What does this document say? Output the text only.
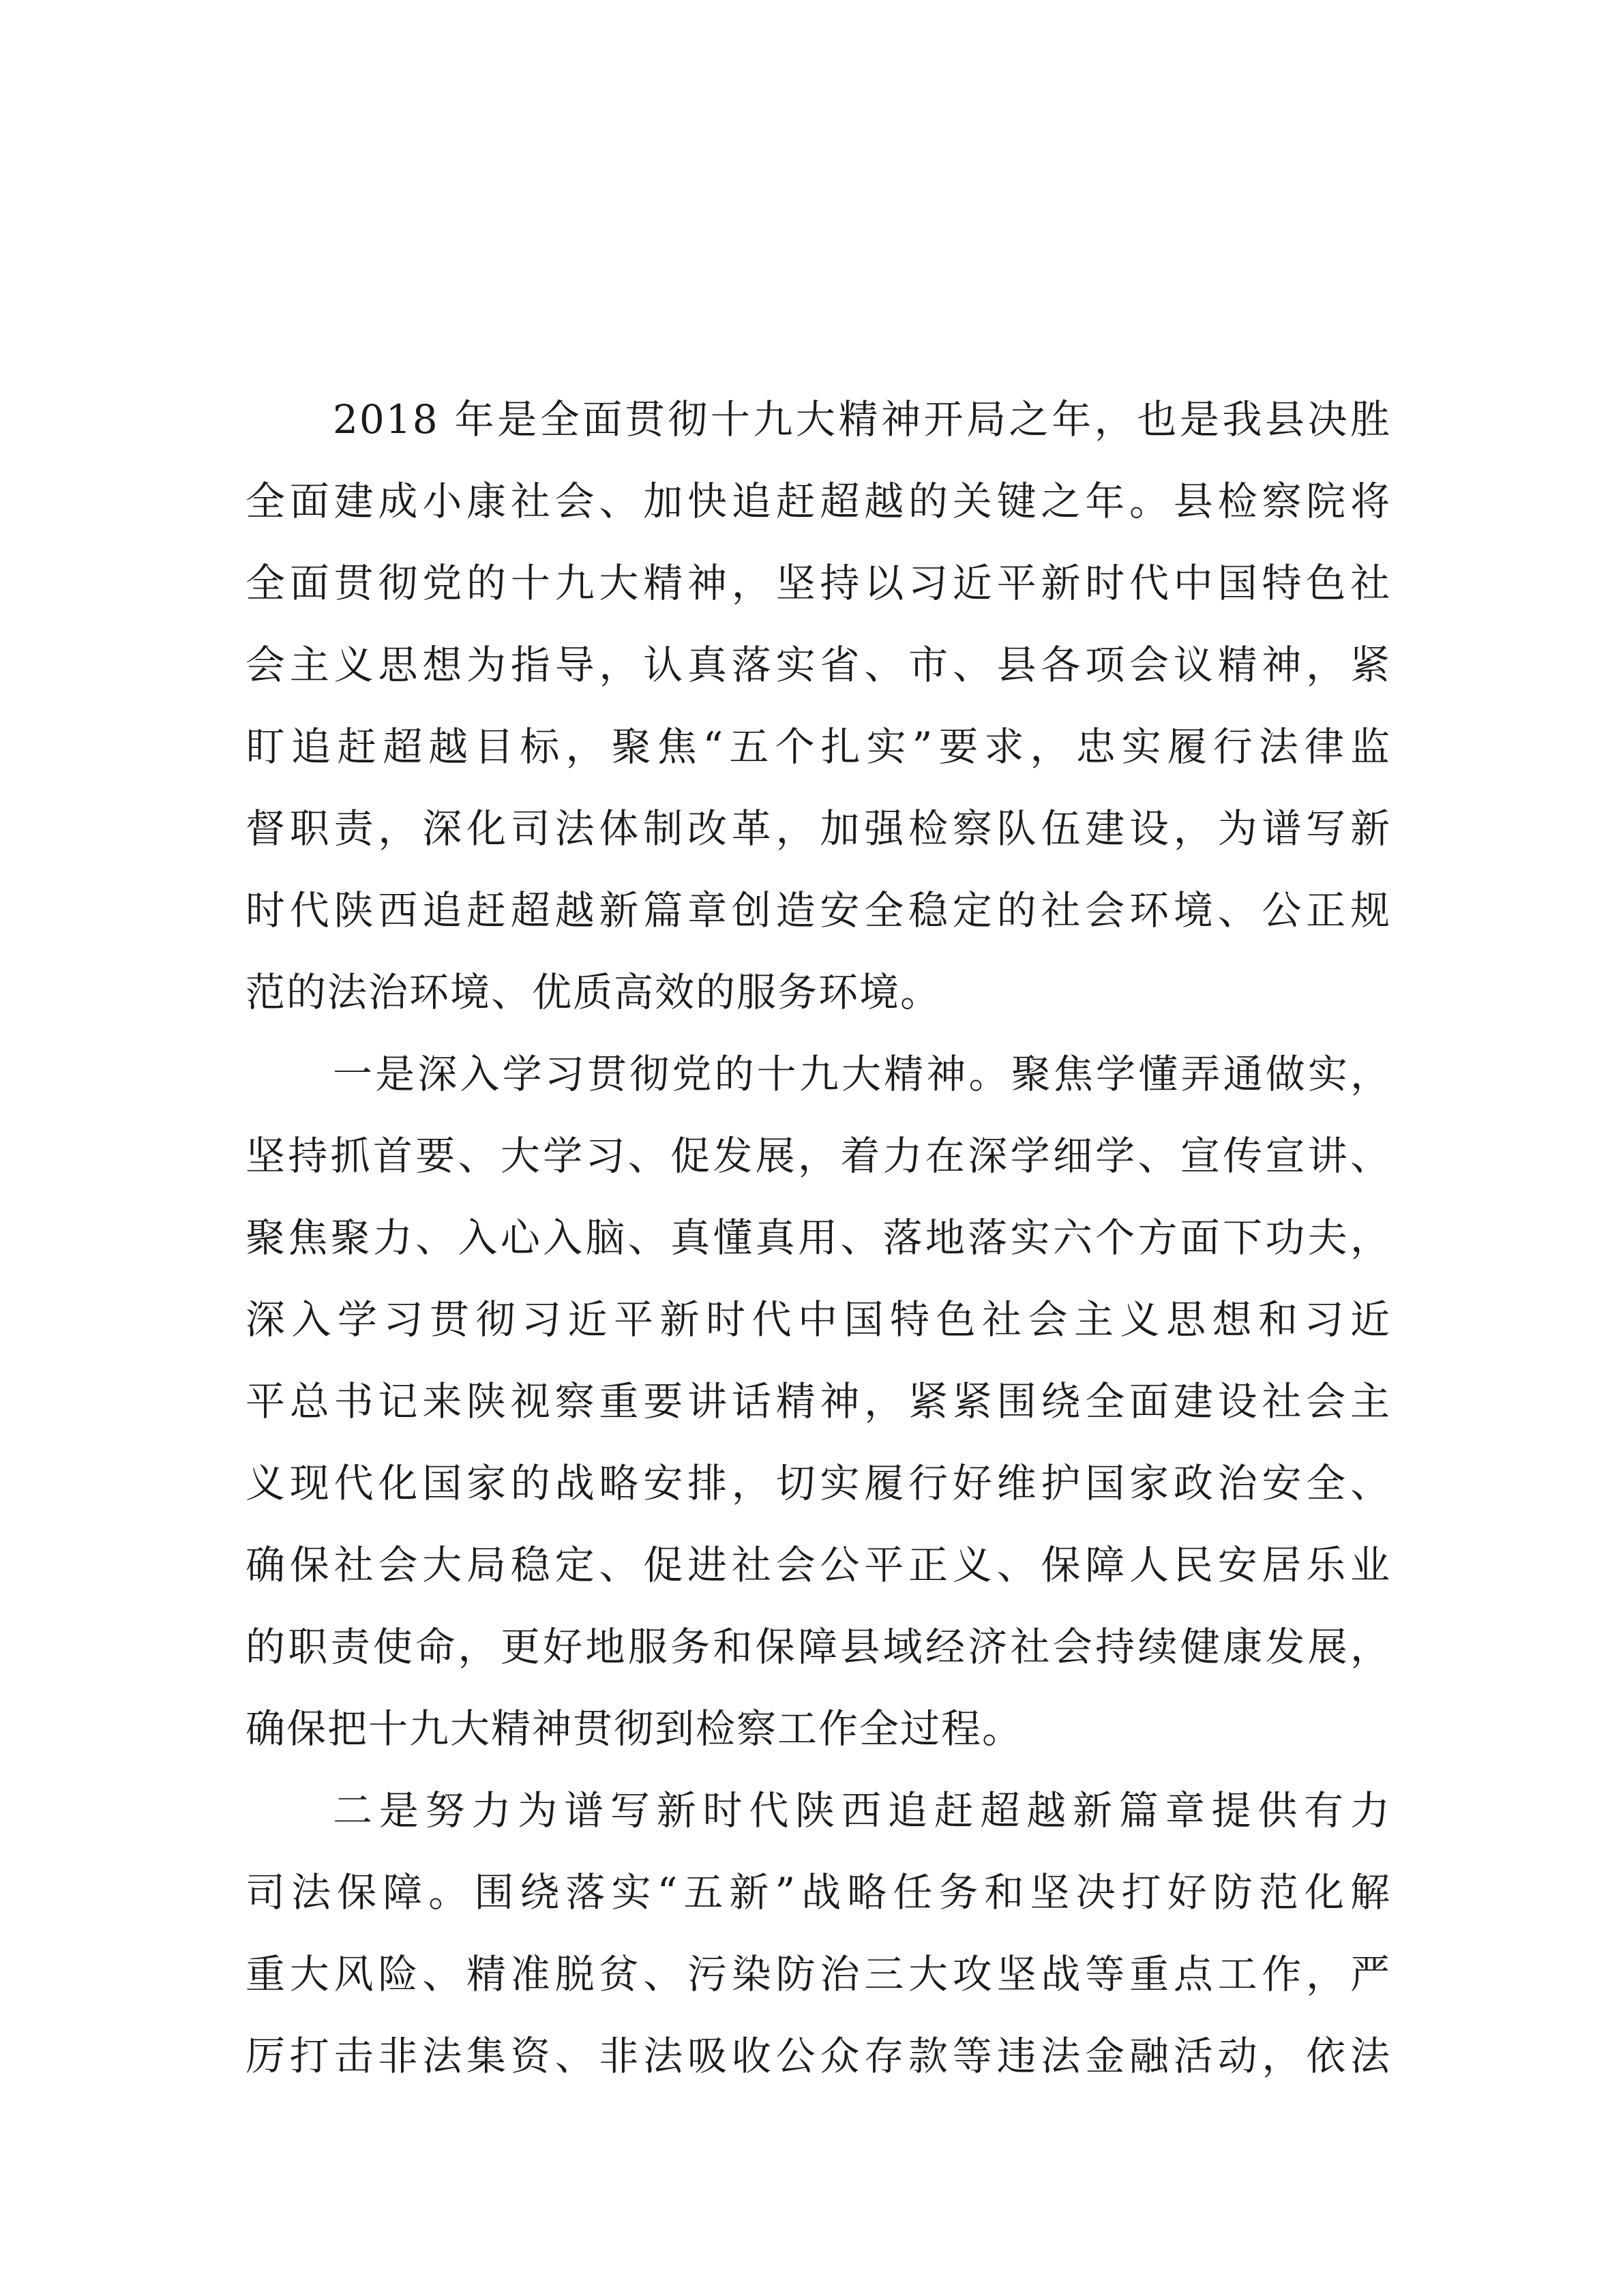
2018 年是全面贯彻十九大精神开局之年，也是我县决胜
全面建成小康社会、加快追赶超越的关键之年。县检察院将
全面贯彻党的十九大精神，坚持以习近平新时代中国特色社
会主义思想为指导，认真落实省、市、县各项会议精神，紧
盯追赶超越目标，聚焦“五个扎实”要求，忠实履行法律监
督职责，深化司法体制改革，加强检察队伍建设，为谱写新
时代陕西追赶超越新篇章创造安全稳定的社会环境、公正规
范的法治环境、优质高效的服务环境。
一是深入学习贯彻党的十九大精神。聚焦学懂弄通做实，
坚持抓首要、大学习、促发展，着力在深学细学、宣传宣讲、
聚焦聚力、入心入脑、真懂真用、落地落实六个方面下功夫，
深入学习贯彻习近平新时代中国特色社会主义思想和习近
平总书记来陕视察重要讲话精神，紧紧围绕全面建设社会主
义现代化国家的战略安排，切实履行好维护国家政治安全、
确保社会大局稳定、促进社会公平正义、保障人民安居乐业
的职责使命，更好地服务和保障县域经济社会持续健康发展，
确保把十九大精神贯彻到检察工作全过程。
二是努力为谱写新时代陕西追赶超越新篇章提供有力
司法保障。围绕落实“五新”战略任务和坚决打好防范化解
重大风险、精准脱贫、污染防治三大攻坚战等重点工作，严
厉打击非法集资、非法吸收公众存款等违法金融活动，依法
